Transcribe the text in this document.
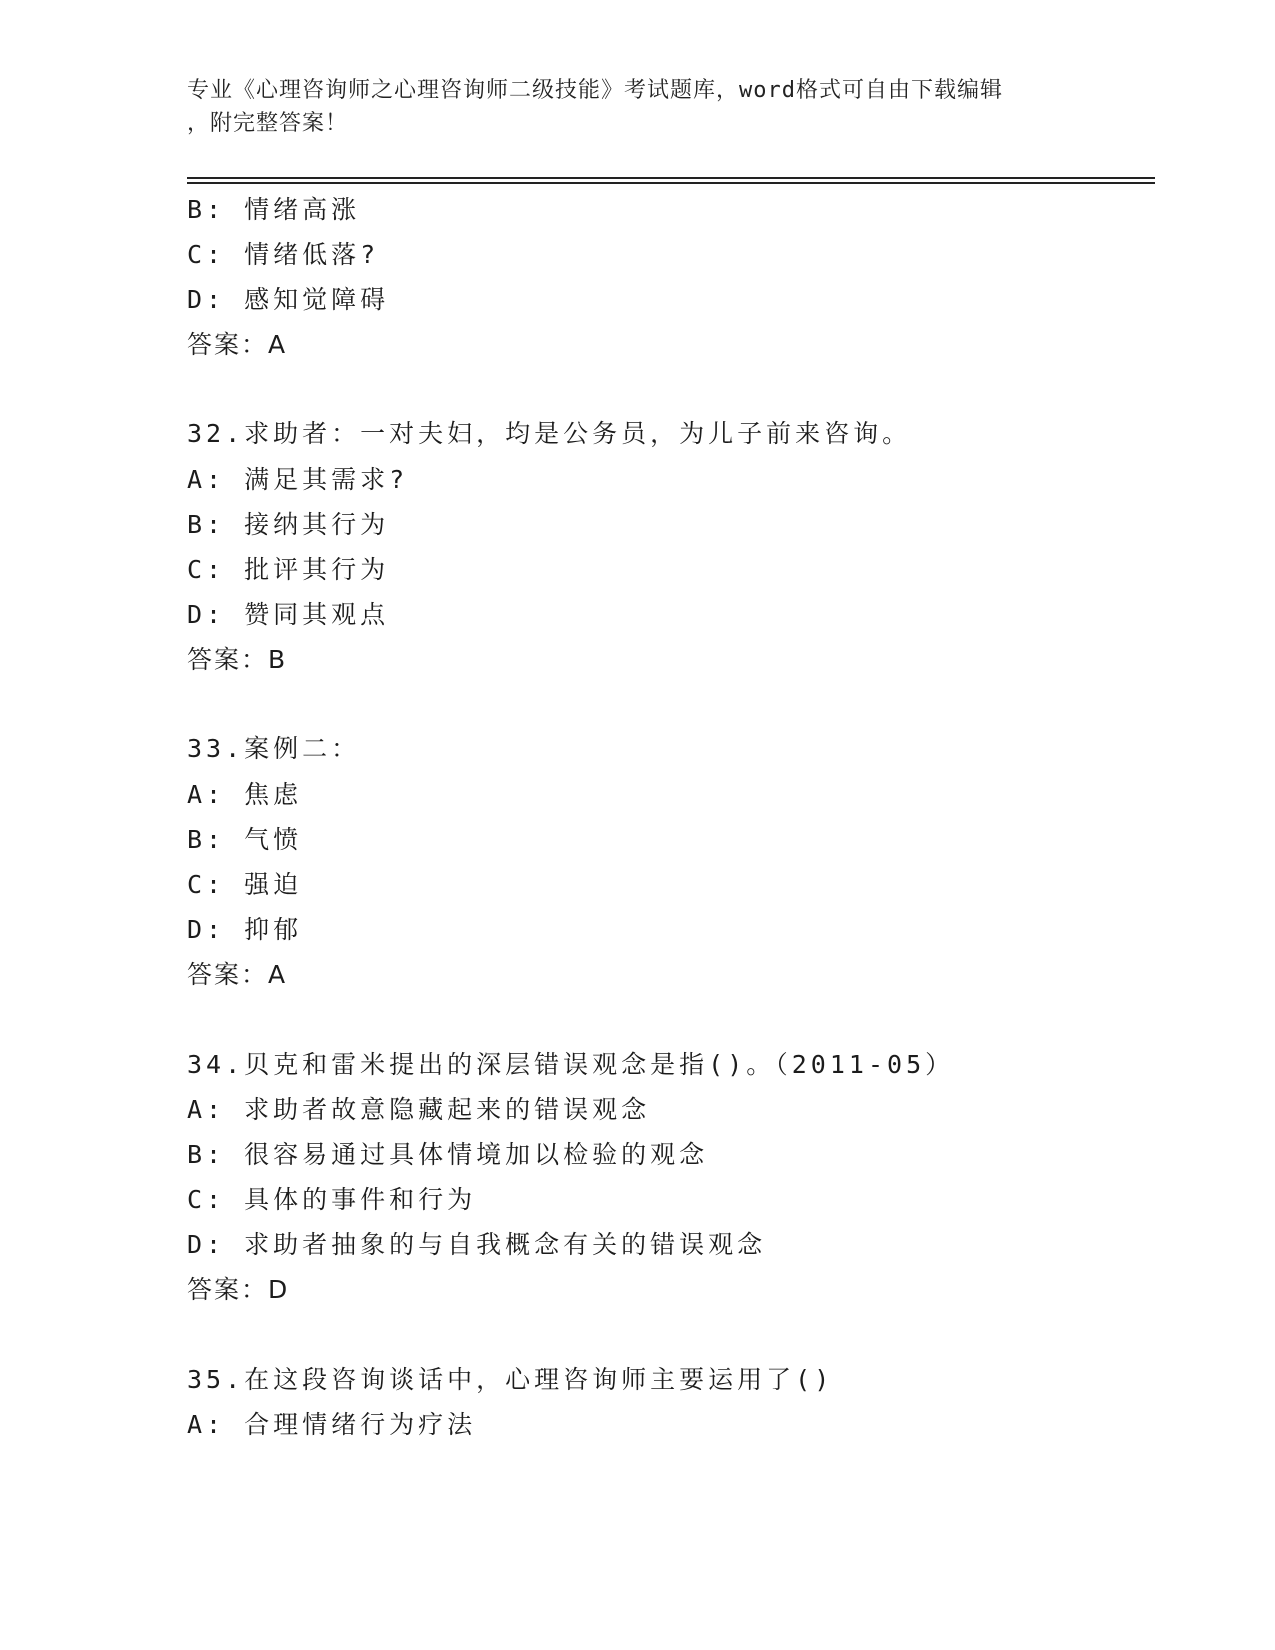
专业《心理咨询师之心理咨询师二级技能》考试题库，word格式可自由下载编辑
，附完整答案！
B: 情绪高涨
C: 情绪低落?
D: 感知觉障碍
答案：A
32.求助者：一对夫妇，均是公务员，为儿子前来咨询。
A: 满足其需求?
B: 接纳其行为
C: 批评其行为
D: 赞同其观点
答案：B
33.案例二：
A: 焦虑
B: 气愤
C: 强迫
D: 抑郁
答案：A
34.贝克和雷米提出的深层错误观念是指()。（2011-05）
A: 求助者故意隐藏起来的错误观念
B: 很容易通过具体情境加以检验的观念
C: 具体的事件和行为
D: 求助者抽象的与自我概念有关的错误观念
答案：D
35.在这段咨询谈话中，心理咨询师主要运用了()
A: 合理情绪行为疗法
